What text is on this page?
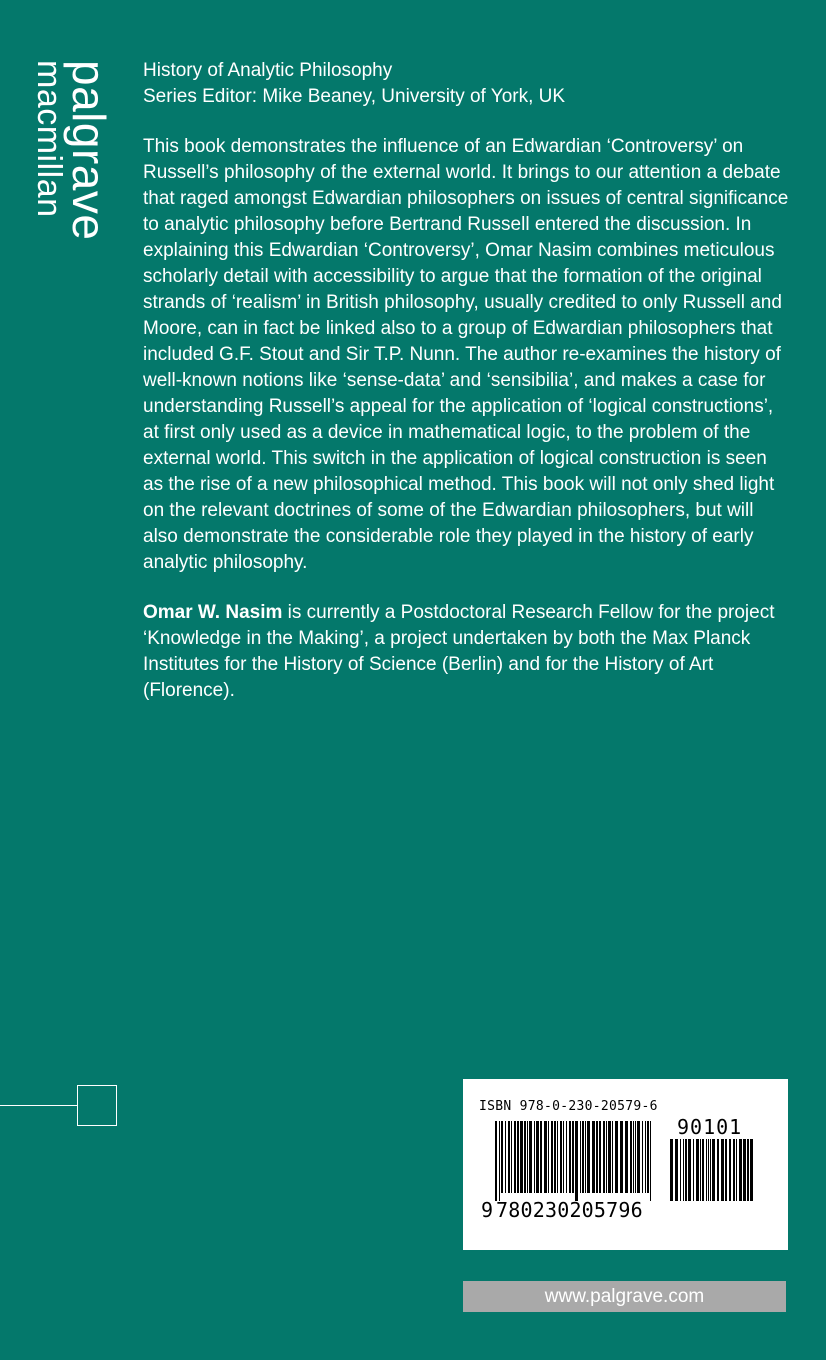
palgrave
macmillan	History of Analytic Philosophy
Series Editor: Mike Beaney, University of York, UK

This book demonstrates the influence of an Edwardian ‘Controversy’ on Russell’s philosophy of the external world. It brings to our attention a debate that raged amongst Edwardian philosophers on issues of central significance to analytic philosophy before Bertrand Russell entered the discussion. In explaining this Edwardian ‘Controversy’, Omar Nasim combines meticulous scholarly detail with accessibility to argue that the formation of the original strands of ‘realism’ in British philosophy, usually credited to only Russell and Moore, can in fact be linked also to a group of Edwardian philosophers that included G.F. Stout and Sir T.P. Nunn. The author re-examines the history of well-known notions like ‘sense-data’ and ‘sensibilia’, and makes a case for understanding Russell’s appeal for the application of ‘logical constructions’, at first only used as a device in mathematical logic, to the problem of the external world. This switch in the application of logical construction is seen as the rise of a new philosophical method. This book will not only shed light on the relevant doctrines of some of the Edwardian philosophers, but will also demonstrate the considerable role they played in the history of early analytic philosophy.

Omar W. Nasim is currently a Postdoctoral Research Fellow for the project ‘Knowledge in the Making’, a project undertaken by both the Max Planck Institutes for the History of Science (Berlin) and for the History of Art (Florence).

ISBN 978-0-230-20579-6
90101
9 780230205796
www.palgrave.com
